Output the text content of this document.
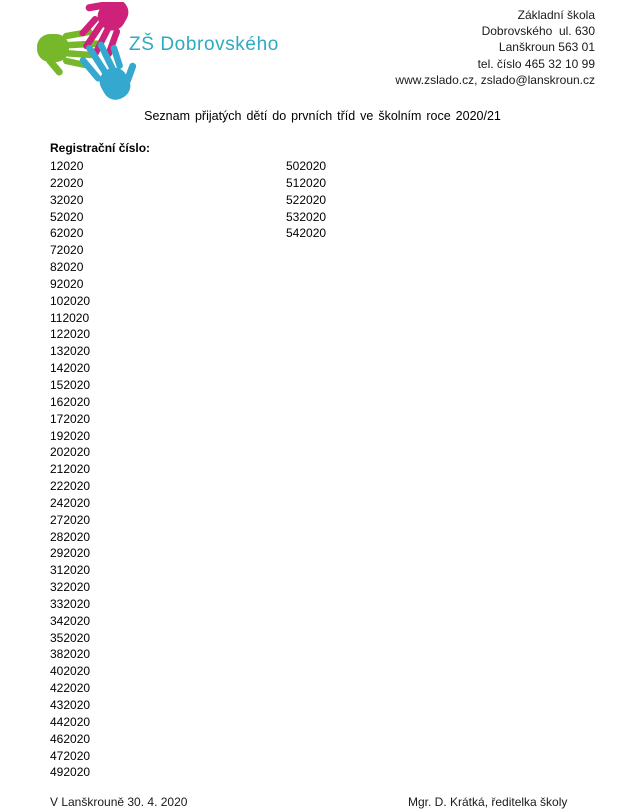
ZŠ Dobrovského
Základní škola
Dobrovského  ul. 630
Lanškroun 563 01
tel. číslo 465 32 10 99
www.zslado.cz, zslado@lanskroun.cz
Seznam přijatých dětí do prvních tříd ve školním roce 2020/21
Registrační číslo:
12020
22020
32020
52020
62020
72020
82020
92020
102020
112020
122020
132020
142020
152020
162020
172020
192020
202020
212020
222020
242020
272020
282020
292020
312020
322020
332020
342020
352020
382020
402020
422020
432020
442020
462020
472020
492020
502020
512020
522020
532020
542020
V Lanškrouně 30. 4. 2020	Mgr. D. Krátká, ředitelka školy
